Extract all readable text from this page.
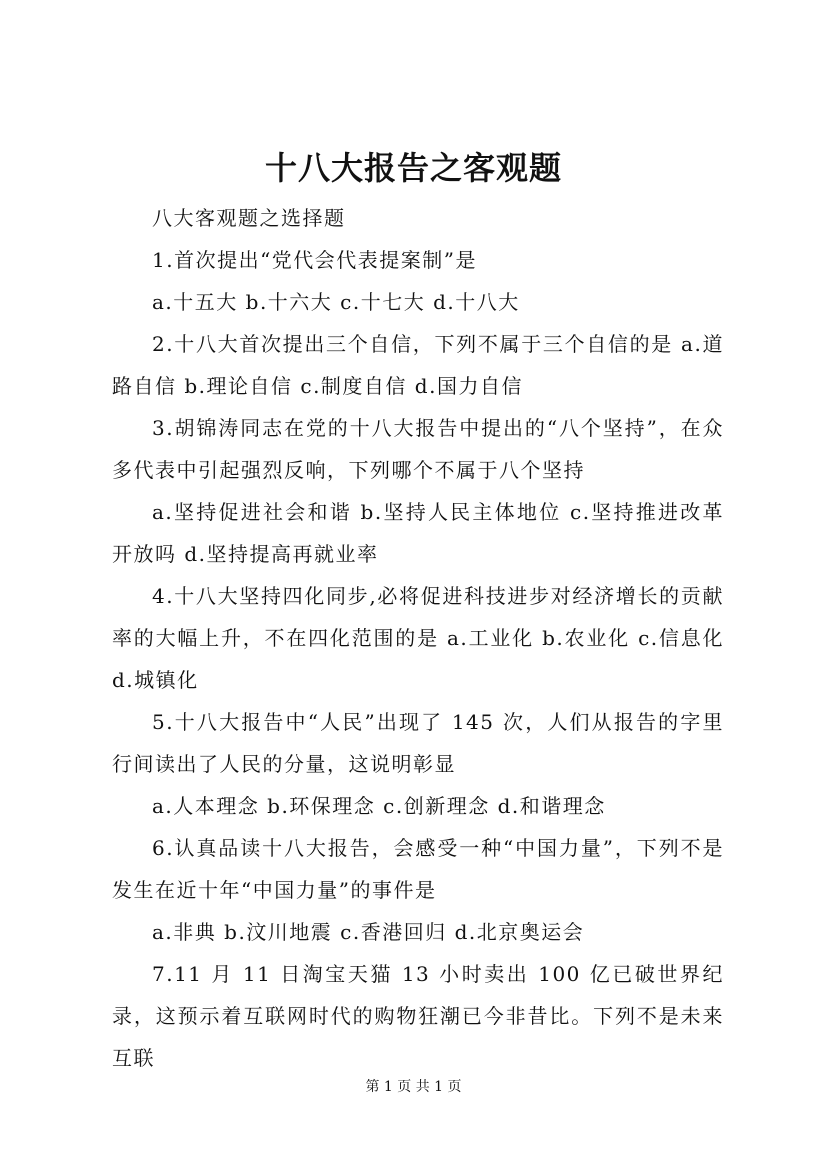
十八大报告之客观题

八大客观题之选择题

1.首次提出“党代会代表提案制”是

a.十五大 b.十六大 c.十七大 d.十八大

2.十八大首次提出三个自信，下列不属于三个自信的是 a.道路自信 b.理论自信 c.制度自信 d.国力自信

3.胡锦涛同志在党的十八大报告中提出的“八个坚持”，在众多代表中引起强烈反响，下列哪个不属于八个坚持

a.坚持促进社会和谐 b.坚持人民主体地位 c.坚持推进改革开放吗 d.坚持提高再就业率

4.十八大坚持四化同步,必将促进科技进步对经济增长的贡献率的大幅上升，不在四化范围的是 a.工业化 b.农业化 c.信息化 d.城镇化

5.十八大报告中“人民”出现了 145 次，人们从报告的字里行间读出了人民的分量，这说明彰显

a.人本理念 b.环保理念 c.创新理念 d.和谐理念

6.认真品读十八大报告，会感受一种“中国力量”，下列不是发生在近十年“中国力量”的事件是

a.非典 b.汶川地震 c.香港回归 d.北京奥运会

7.11 月 11 日淘宝天猫 13 小时卖出 100 亿已破世界纪录，这预示着互联网时代的购物狂潮已今非昔比。下列不是未来互联

第 1 页 共 1 页
